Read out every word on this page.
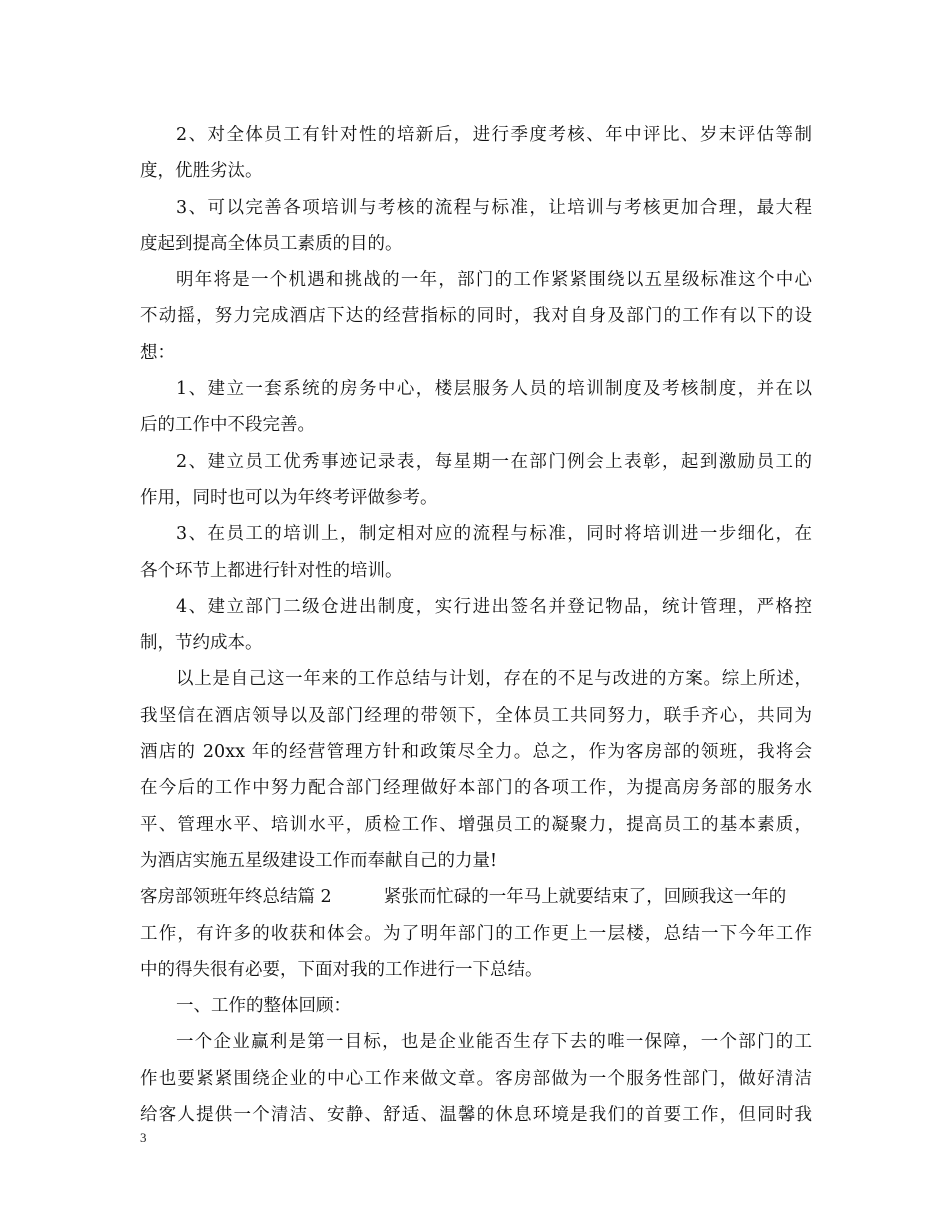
2、对全体员工有针对性的培新后，进行季度考核、年中评比、岁末评估等制
度，优胜劣汰。
3、可以完善各项培训与考核的流程与标准，让培训与考核更加合理，最大程
度起到提高全体员工素质的目的。
明年将是一个机遇和挑战的一年，部门的工作紧紧围绕以五星级标准这个中心
不动摇，努力完成酒店下达的经营指标的同时，我对自身及部门的工作有以下的设
想：
1、建立一套系统的房务中心，楼层服务人员的培训制度及考核制度，并在以
后的工作中不段完善。
2、建立员工优秀事迹记录表，每星期一在部门例会上表彰，起到激励员工的
作用，同时也可以为年终考评做参考。
3、在员工的培训上，制定相对应的流程与标准，同时将培训进一步细化，在
各个环节上都进行针对性的培训。
4、建立部门二级仓进出制度，实行进出签名并登记物品，统计管理，严格控
制，节约成本。
以上是自己这一年来的工作总结与计划，存在的不足与改进的方案。综上所述，
我坚信在酒店领导以及部门经理的带领下，全体员工共同努力，联手齐心，共同为
酒店的 20xx 年的经营管理方针和政策尽全力。总之，作为客房部的领班，我将会
在今后的工作中努力配合部门经理做好本部门的各项工作，为提高房务部的服务水
平、管理水平、培训水平，质检工作、增强员工的凝聚力，提高员工的基本素质，
为酒店实施五星级建设工作而奉献自己的力量!
客房部领班年终总结篇 2	紧张而忙碌的一年马上就要结束了，回顾我这一年的
工作，有许多的收获和体会。为了明年部门的工作更上一层楼，总结一下今年工作
中的得失很有必要，下面对我的工作进行一下总结。
一、工作的整体回顾：
一个企业赢利是第一目标，也是企业能否生存下去的唯一保障，一个部门的工
作也要紧紧围绕企业的中心工作来做文章。客房部做为一个服务性部门，做好清洁
给客人提供一个清洁、安静、舒适、温馨的休息环境是我们的首要工作，但同时我
3
